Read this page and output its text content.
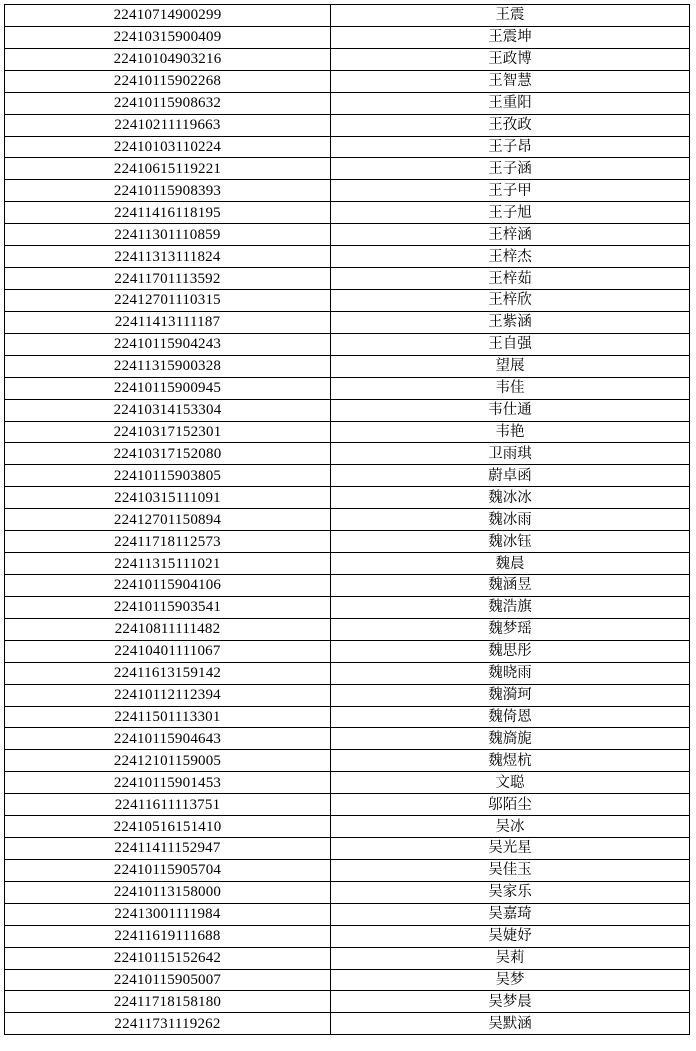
22410714900299	王震
22410315900409	王震坤
22410104903216	王政博
22410115902268	王智慧
22410115908632	王重阳
22410211119663	王孜政
22410103110224	王子昂
22410615119221	王子涵
22410115908393	王子甲
22411416118195	王子旭
22411301110859	王梓涵
22411313111824	王梓杰
22411701113592	王梓茹
22412701110315	王梓欣
22411413111187	王紫涵
22410115904243	王自强
22411315900328	望展
22410115900945	韦佳
22410314153304	韦仕通
22410317152301	韦艳
22410317152080	卫雨琪
22410115903805	蔚卓函
22410315111091	魏冰冰
22412701150894	魏冰雨
22411718112573	魏冰钰
22411315111021	魏晨
22410115904106	魏涵昱
22410115903541	魏浩旗
22410811111482	魏梦瑶
22410401111067	魏思彤
22411613159142	魏晓雨
22410112112394	魏漪珂
22411501113301	魏倚恩
22410115904643	魏旖旎
22412101159005	魏煜杭
22410115901453	文聪
22411611113751	邬陌尘
22410516151410	吴冰
22411411152947	吴光星
22410115905704	吴佳玉
22410113158000	吴家乐
22413001111984	吴嘉琦
22411619111688	吴婕妤
22410115152642	吴莉
22410115905007	吴梦
22411718158180	吴梦晨
22411731119262	吴默涵
